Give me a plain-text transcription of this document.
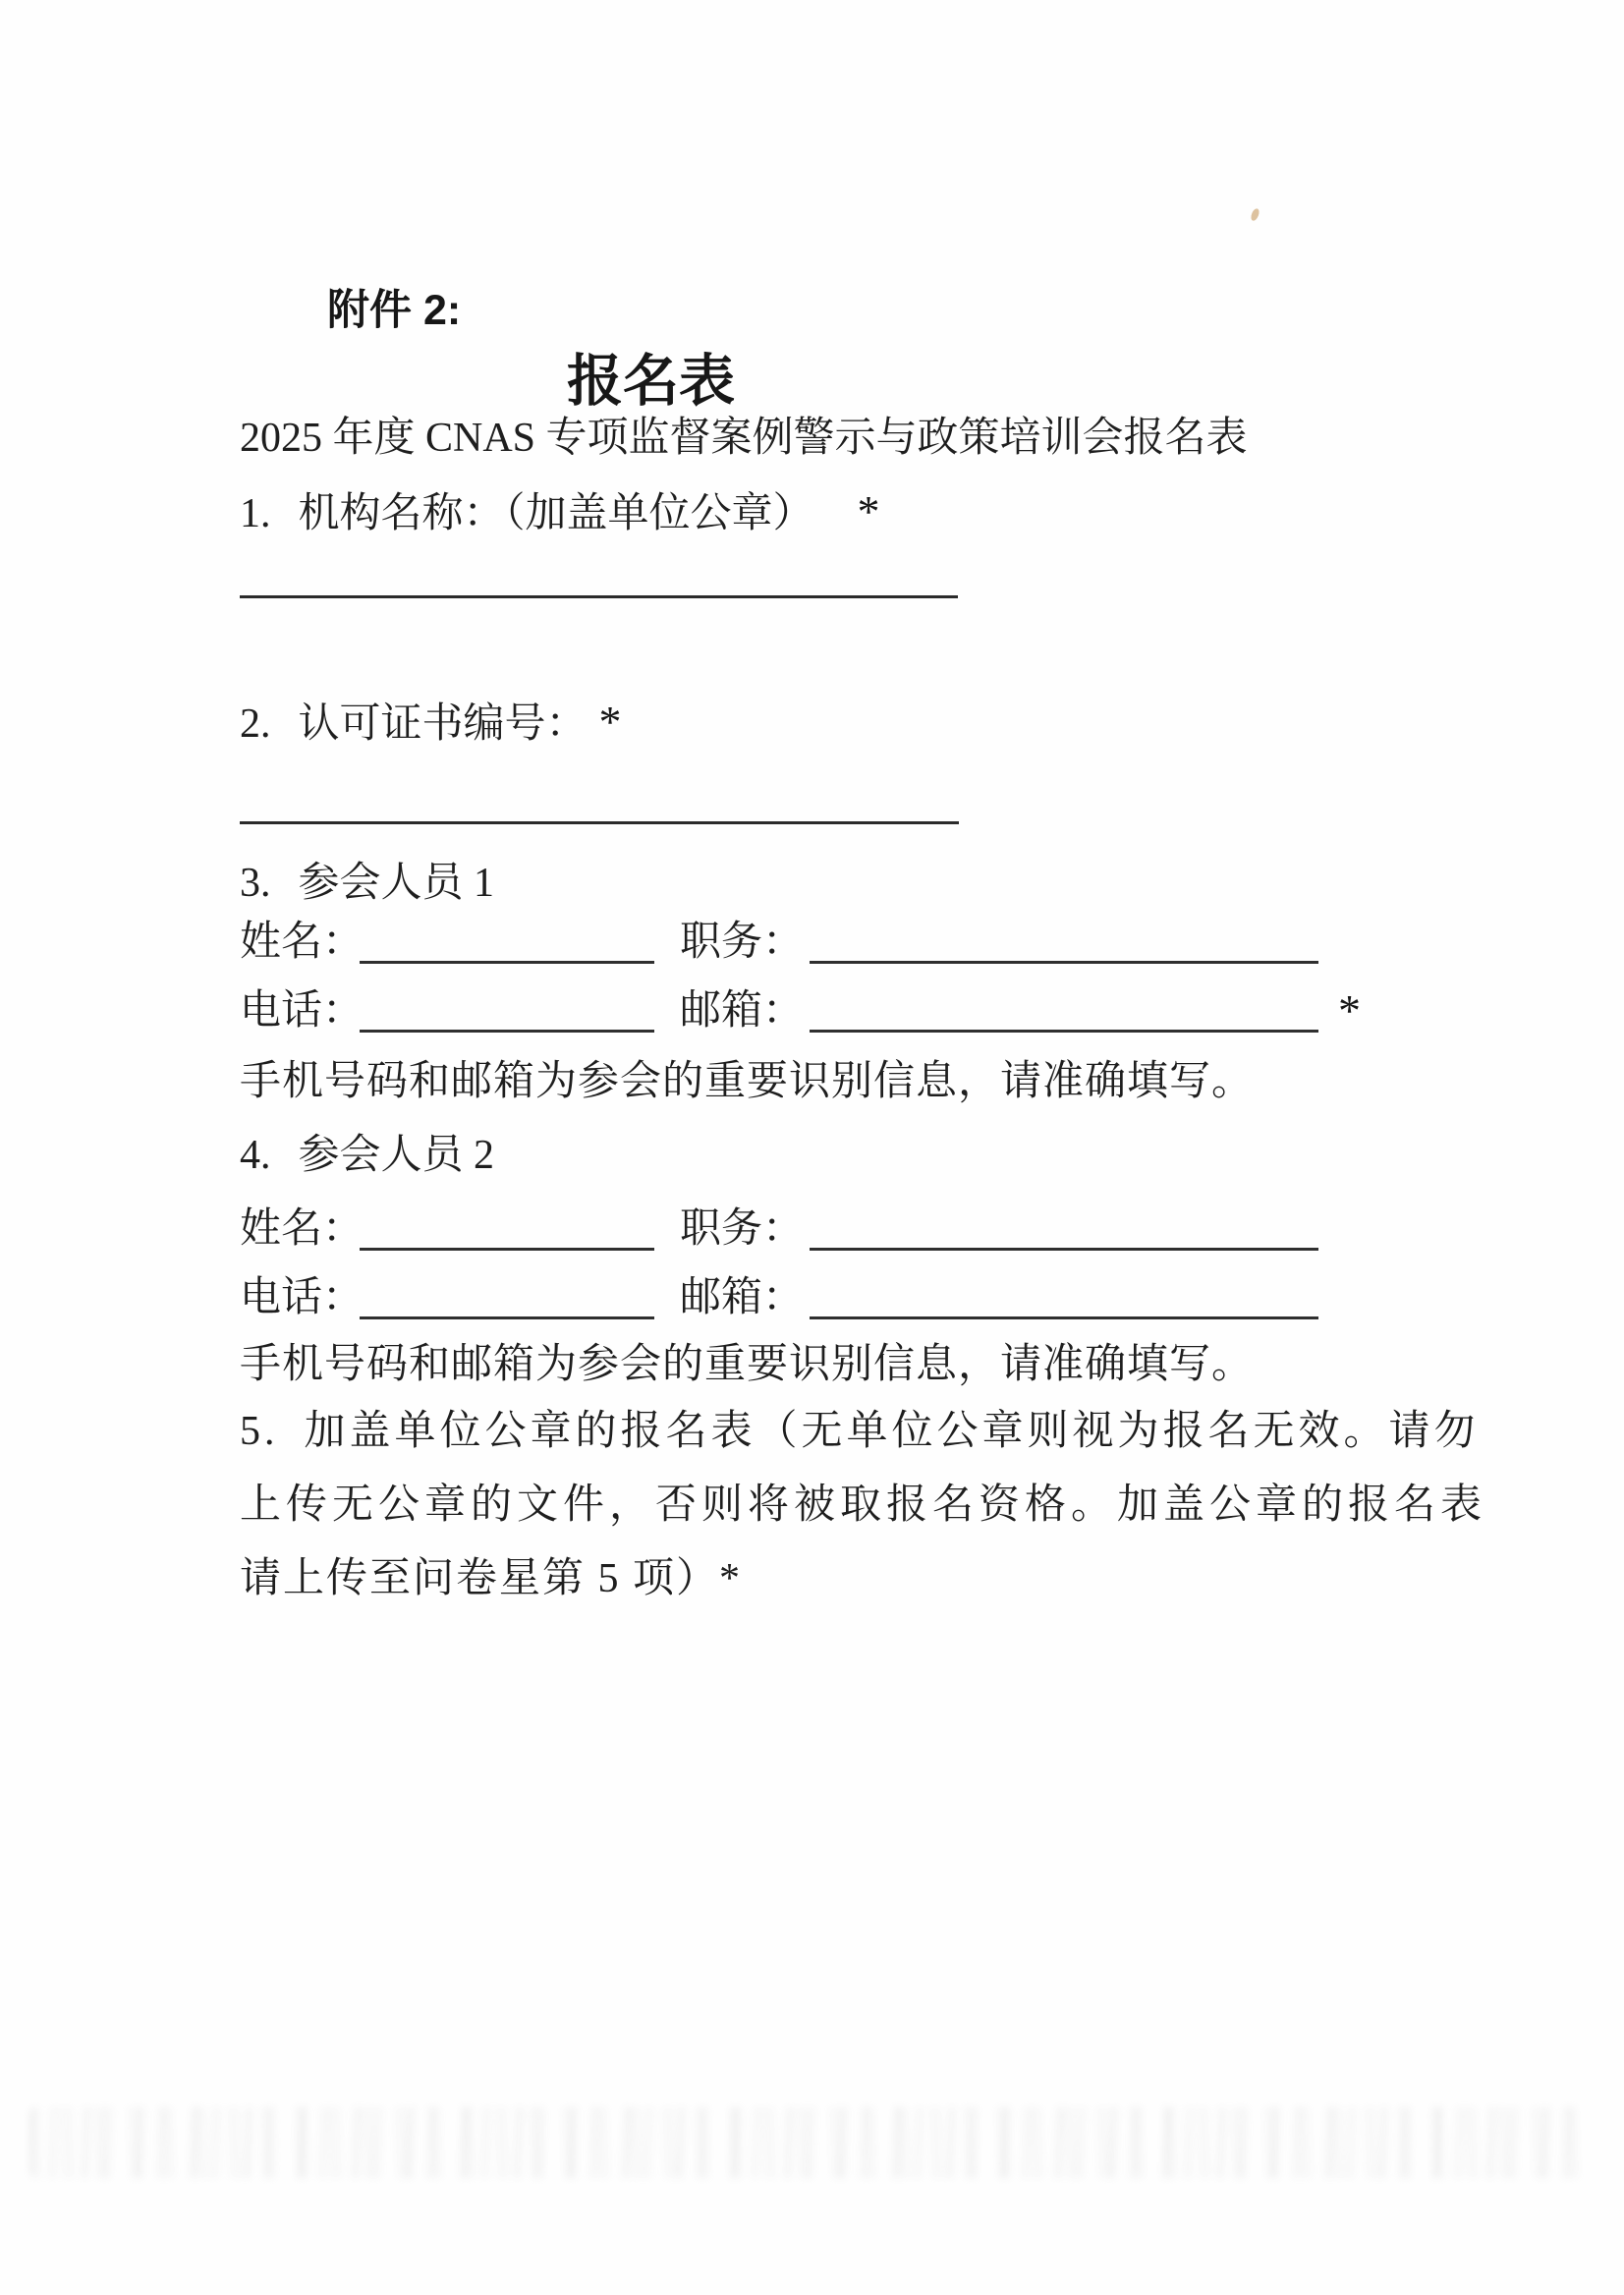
附件 2:
报名表
2025 年度 CNAS 专项监督案例警示与政策培训会报名表
1. 机构名称：（加盖单位公章） *
2. 认可证书编号： *
3. 参会人员 1
姓名：	职务：
电话：	邮箱：	*
手机号码和邮箱为参会的重要识别信息，请准确填写。
4. 参会人员 2
姓名：	职务：
电话：	邮箱：
手机号码和邮箱为参会的重要识别信息，请准确填写。
5. 加盖单位公章的报名表（无单位公章则视为报名无效。请勿
上传无公章的文件，否则将被取报名资格。加盖公章的报名表
请上传至问卷星第 5 项）*
